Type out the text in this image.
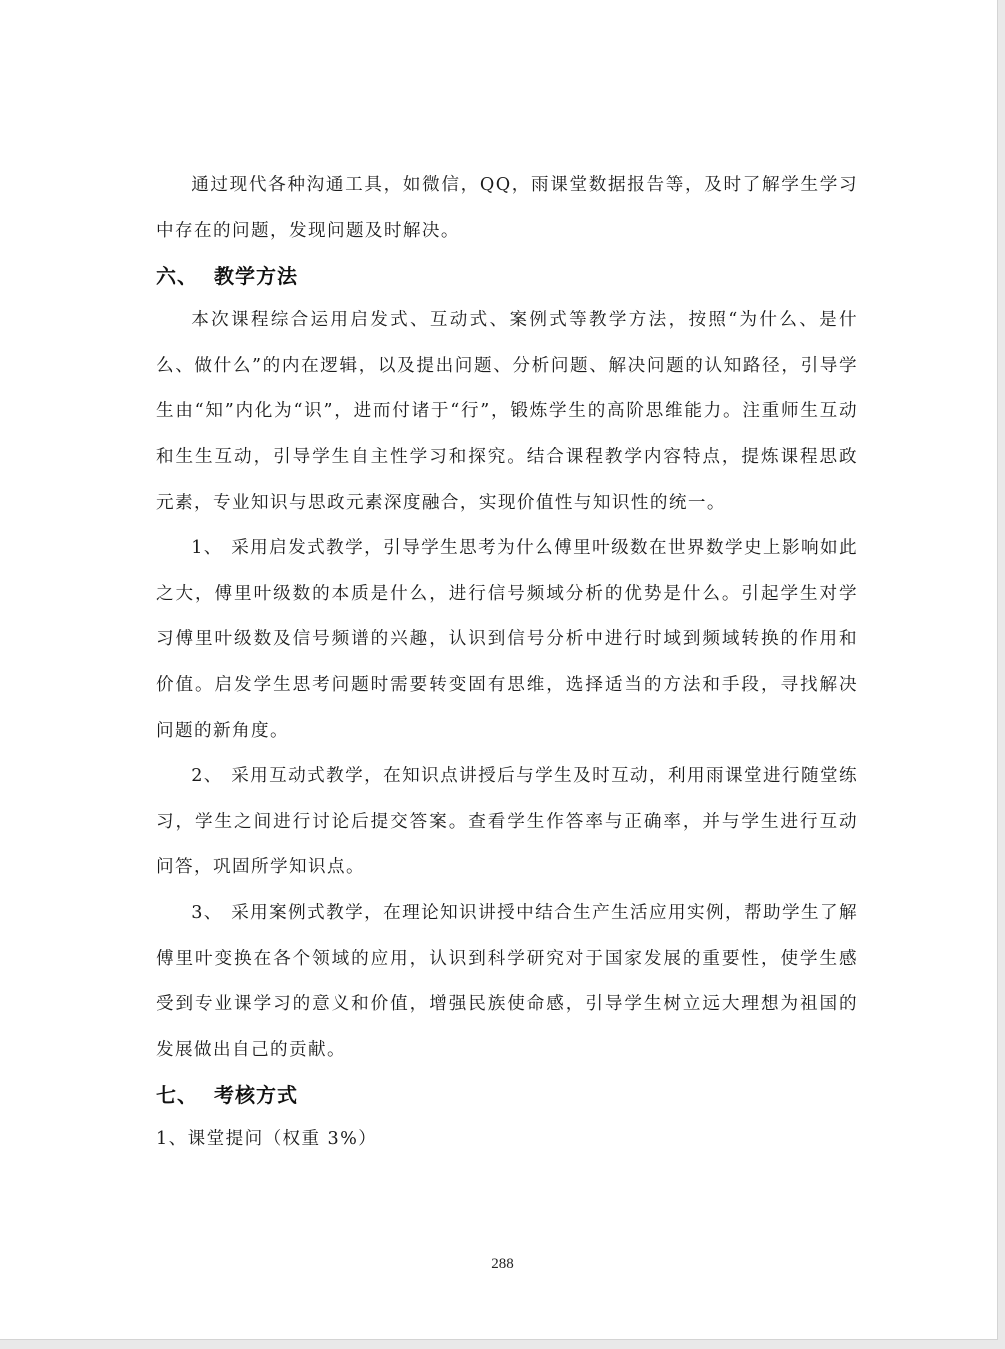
通过现代各种沟通工具，如微信，QQ，雨课堂数据报告等，及时了解学生学习中存在的问题，发现问题及时解决。

六、 教学方法

本次课程综合运用启发式、互动式、案例式等教学方法，按照“为什么、是什么、做什么”的内在逻辑，以及提出问题、分析问题、解决问题的认知路径，引导学生由“知”内化为“识”，进而付诸于“行”，锻炼学生的高阶思维能力。注重师生互动和生生互动，引导学生自主性学习和探究。结合课程教学内容特点，提炼课程思政元素，专业知识与思政元素深度融合，实现价值性与知识性的统一。

1、 采用启发式教学，引导学生思考为什么傅里叶级数在世界数学史上影响如此之大，傅里叶级数的本质是什么，进行信号频域分析的优势是什么。引起学生对学习傅里叶级数及信号频谱的兴趣，认识到信号分析中进行时域到频域转换的作用和价值。启发学生思考问题时需要转变固有思维，选择适当的方法和手段，寻找解决问题的新角度。

2、 采用互动式教学，在知识点讲授后与学生及时互动，利用雨课堂进行随堂练习，学生之间进行讨论后提交答案。查看学生作答率与正确率，并与学生进行互动问答，巩固所学知识点。

3、 采用案例式教学，在理论知识讲授中结合生产生活应用实例，帮助学生了解傅里叶变换在各个领域的应用，认识到科学研究对于国家发展的重要性，使学生感受到专业课学习的意义和价值，增强民族使命感，引导学生树立远大理想为祖国的发展做出自己的贡献。

七、 考核方式

1、课堂提问（权重 3%）

288
